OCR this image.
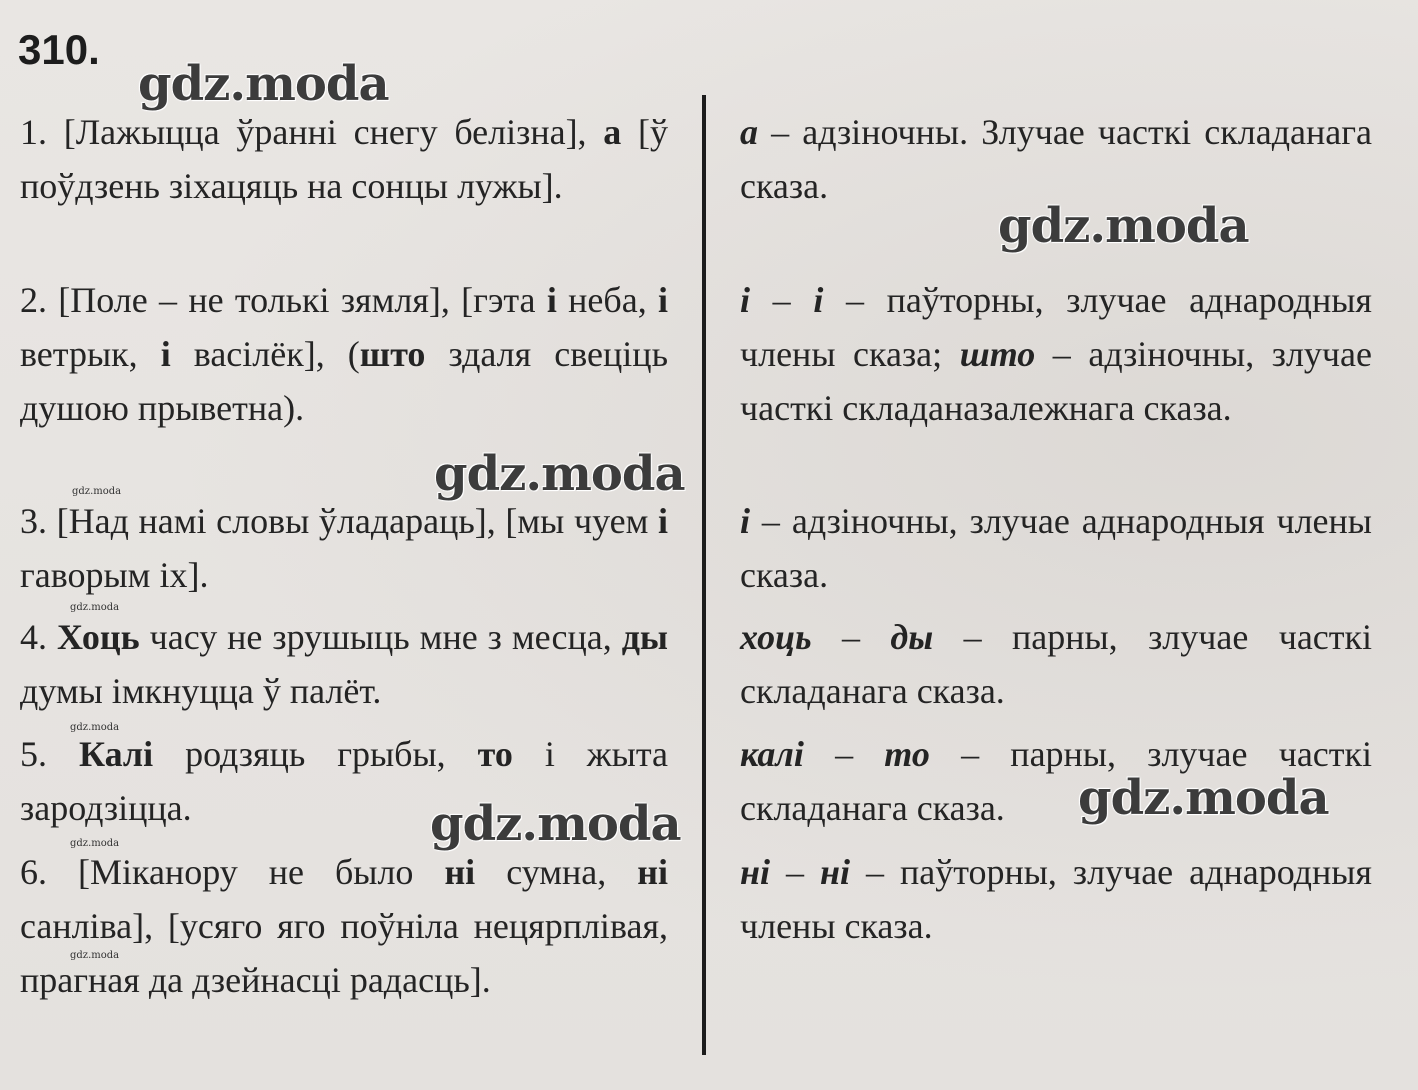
310.
gdz.moda
gdz.moda
gdz.moda
gdz.moda	gdz.moda
gdz.moda
gdz.moda
gdz.moda
gdz.moda
gdz.moda
1. [Лажыцца ўранні снегу белізна], а [ў поўдзень зіхацяць на сонцы лужы].
2. [Поле – не толькі зямля], [гэта і неба, і ветрык, і васілёк], (што здаля свеціць душою прыветна).
3. [Над намі словы ўладараць], [мы чуем і гаворым іх].
4. Хоць часу не зрушыць мне з месца, ды думы імкнуцца ў палёт.
5. Калі родзяць грыбы, то і жыта зародзіцца.
6. [Міканору не было ні сумна, ні санліва], [усяго яго поўніла нецярплівая, прагная да дзейнасці радасць].
а – адзіночны. Злучае часткі складанага сказа.
і – і – паўторны, злучае аднародныя члены сказа; што – адзіночны, злучае часткі складаназалежнага сказа.
і – адзіночны, злучае аднародныя члены сказа.
хоць – ды – парны, злучае часткі складанага сказа.
калі – то – парны, злучае часткі складанага сказа.
ні – ні – паўторны, злучае аднародныя члены сказа.
